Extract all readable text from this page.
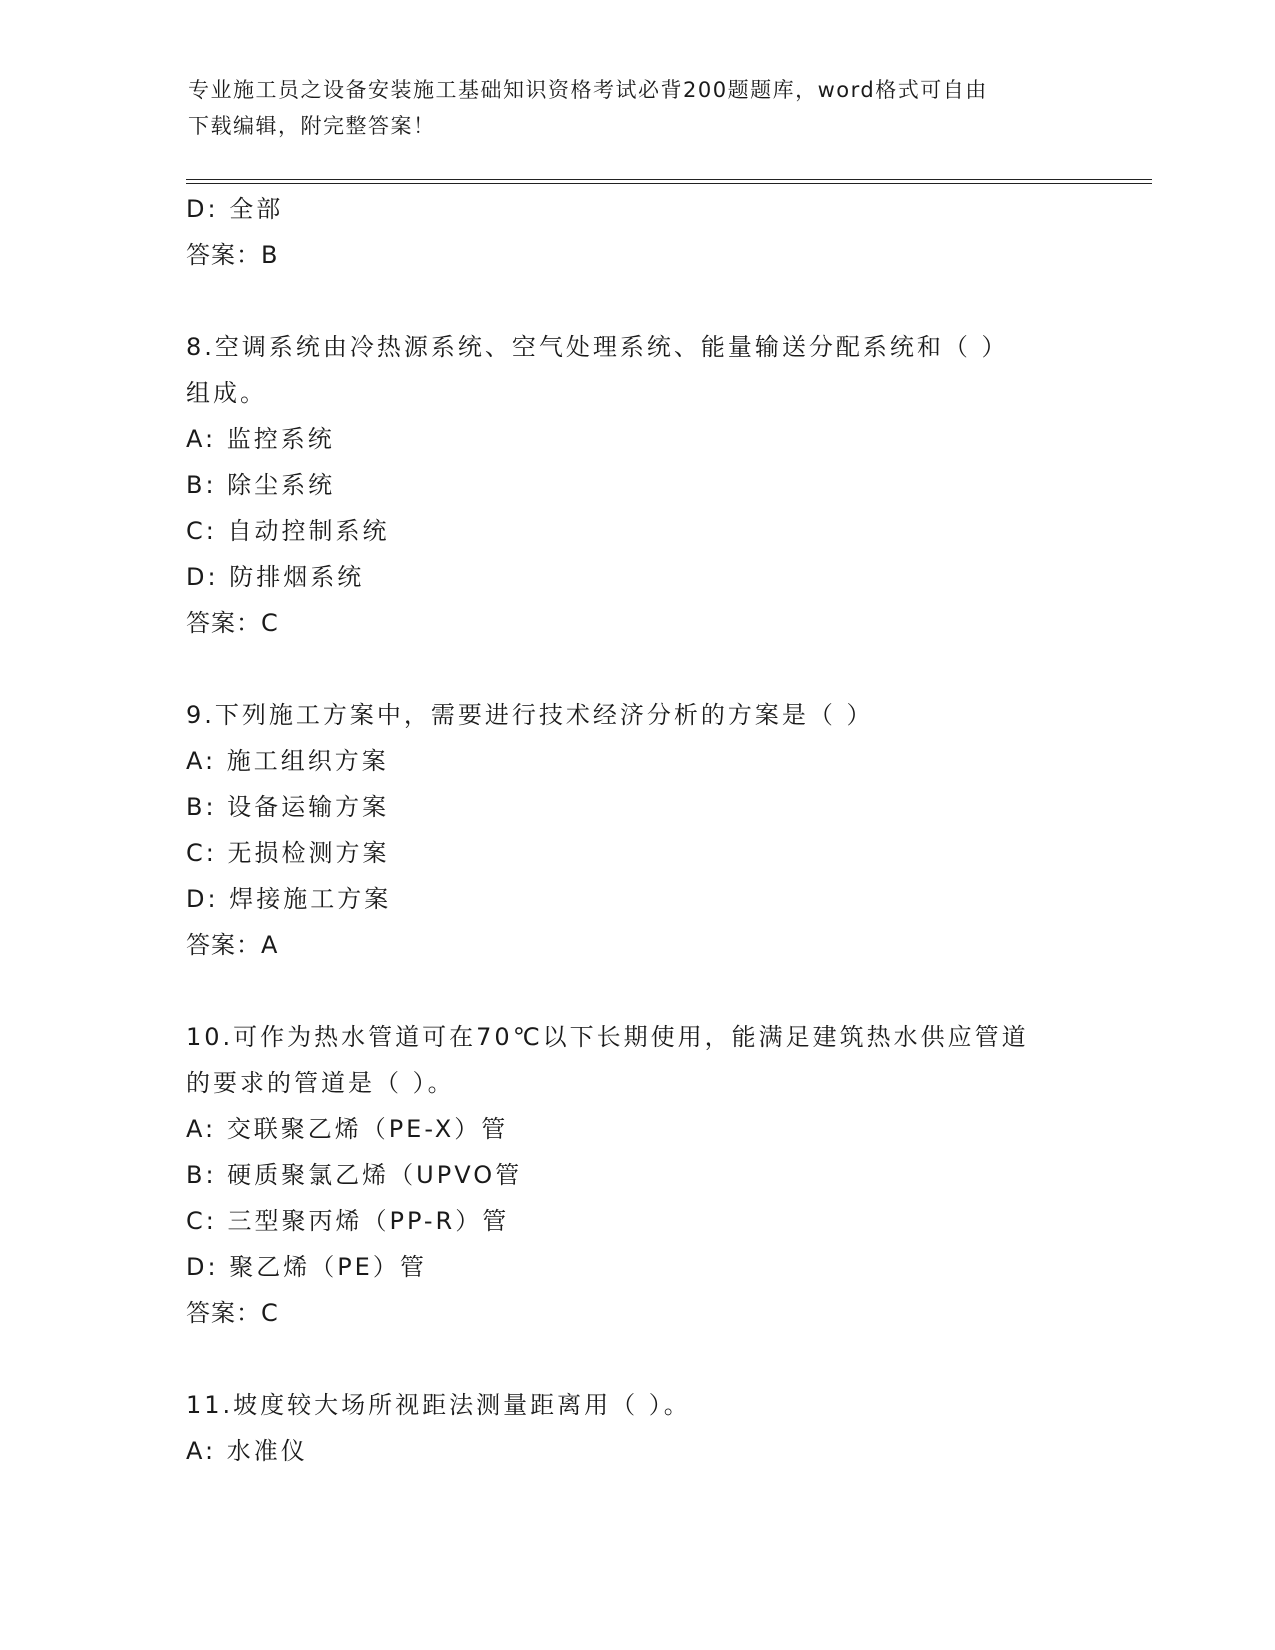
专业施工员之设备安装施工基础知识资格考试必背200题题库，word格式可自由
下载编辑，附完整答案！
D: 全部
答案：B
8.空调系统由冷热源系统、空气处理系统、能量输送分配系统和（ ）
组成。
A: 监控系统
B: 除尘系统
C: 自动控制系统
D: 防排烟系统
答案：C
9.下列施工方案中，需要进行技术经济分析的方案是（ ）
A: 施工组织方案
B: 设备运输方案
C: 无损检测方案
D: 焊接施工方案
答案：A
10.可作为热水管道可在70℃以下长期使用，能满足建筑热水供应管道
的要求的管道是（ ）。
A: 交联聚乙烯（PE-X）管
B: 硬质聚氯乙烯（UPVO管
C: 三型聚丙烯（PP-R）管
D: 聚乙烯（PE）管
答案：C
11.坡度较大场所视距法测量距离用（ ）。
A: 水准仪
